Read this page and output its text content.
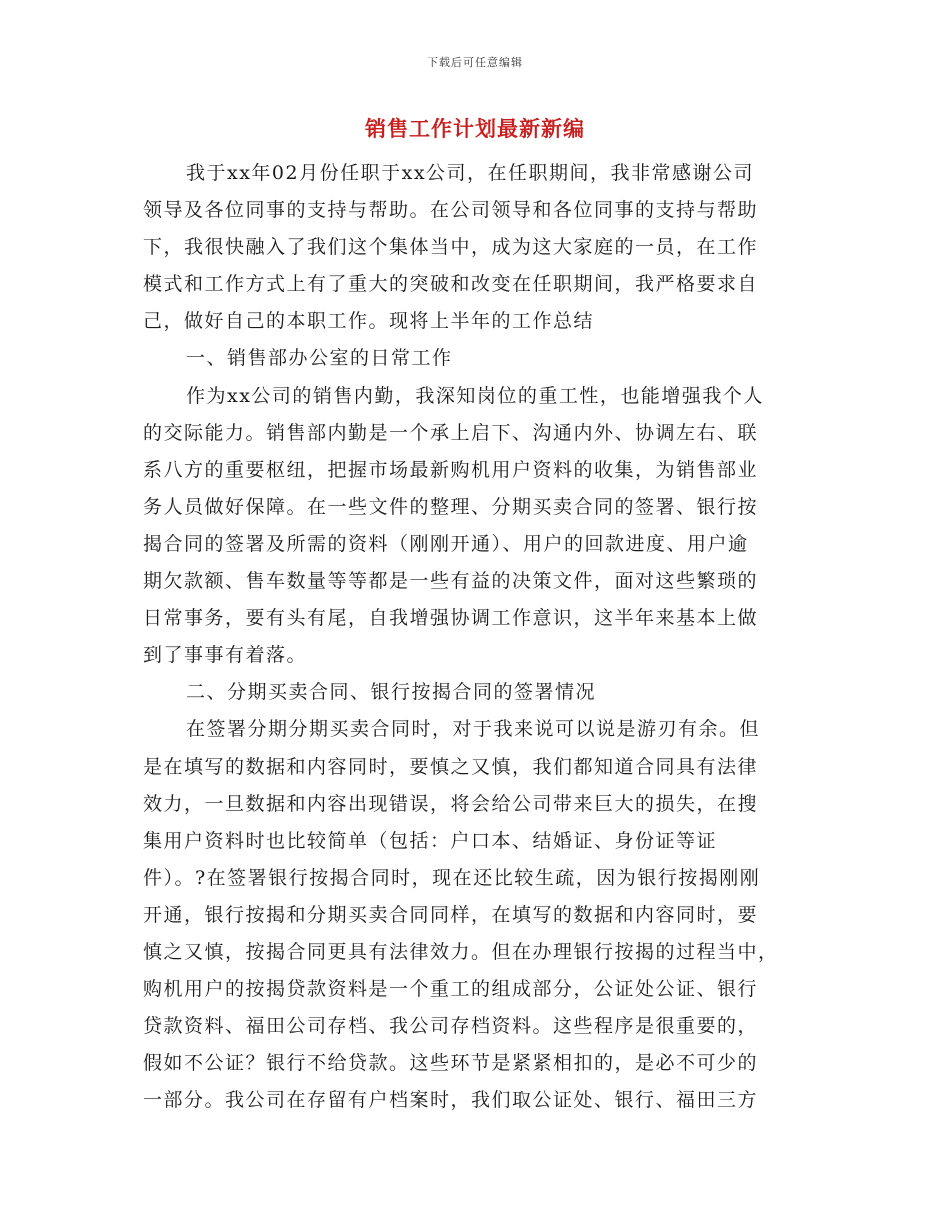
下载后可任意编辑
销售工作计划最新新编
我于xx年02月份任职于xx公司，在任职期间，我非常感谢公司
领导及各位同事的支持与帮助。在公司领导和各位同事的支持与帮助
下，我很快融入了我们这个集体当中，成为这大家庭的一员，在工作
模式和工作方式上有了重大的突破和改变在任职期间，我严格要求自
己，做好自己的本职工作。现将上半年的工作总结
一、销售部办公室的日常工作
作为xx公司的销售内勤，我深知岗位的重工性，也能增强我个人
的交际能力。销售部内勤是一个承上启下、沟通内外、协调左右、联
系八方的重要枢纽，把握市场最新购机用户资料的收集，为销售部业
务人员做好保障。在一些文件的整理、分期买卖合同的签署、银行按
揭合同的签署及所需的资料（刚刚开通）、用户的回款进度、用户逾
期欠款额、售车数量等等都是一些有益的决策文件，面对这些繁琐的
日常事务，要有头有尾，自我增强协调工作意识，这半年来基本上做
到了事事有着落。
二、分期买卖合同、银行按揭合同的签署情况
在签署分期分期买卖合同时，对于我来说可以说是游刃有余。但
是在填写的数据和内容同时，要慎之又慎，我们都知道合同具有法律
效力，一旦数据和内容出现错误，将会给公司带来巨大的损失，在搜
集用户资料时也比较简单（包括：户口本、结婚证、身份证等证
件）。?在签署银行按揭合同时，现在还比较生疏，因为银行按揭刚刚
开通，银行按揭和分期买卖合同同样，在填写的数据和内容同时，要
慎之又慎，按揭合同更具有法律效力。但在办理银行按揭的过程当中，
购机用户的按揭贷款资料是一个重工的组成部分，公证处公证、银行
贷款资料、福田公司存档、我公司存档资料。这些程序是很重要的，
假如不公证？银行不给贷款。这些环节是紧紧相扣的，是必不可少的
一部分。我公司在存留有户档案时，我们取公证处、银行、福田三方
